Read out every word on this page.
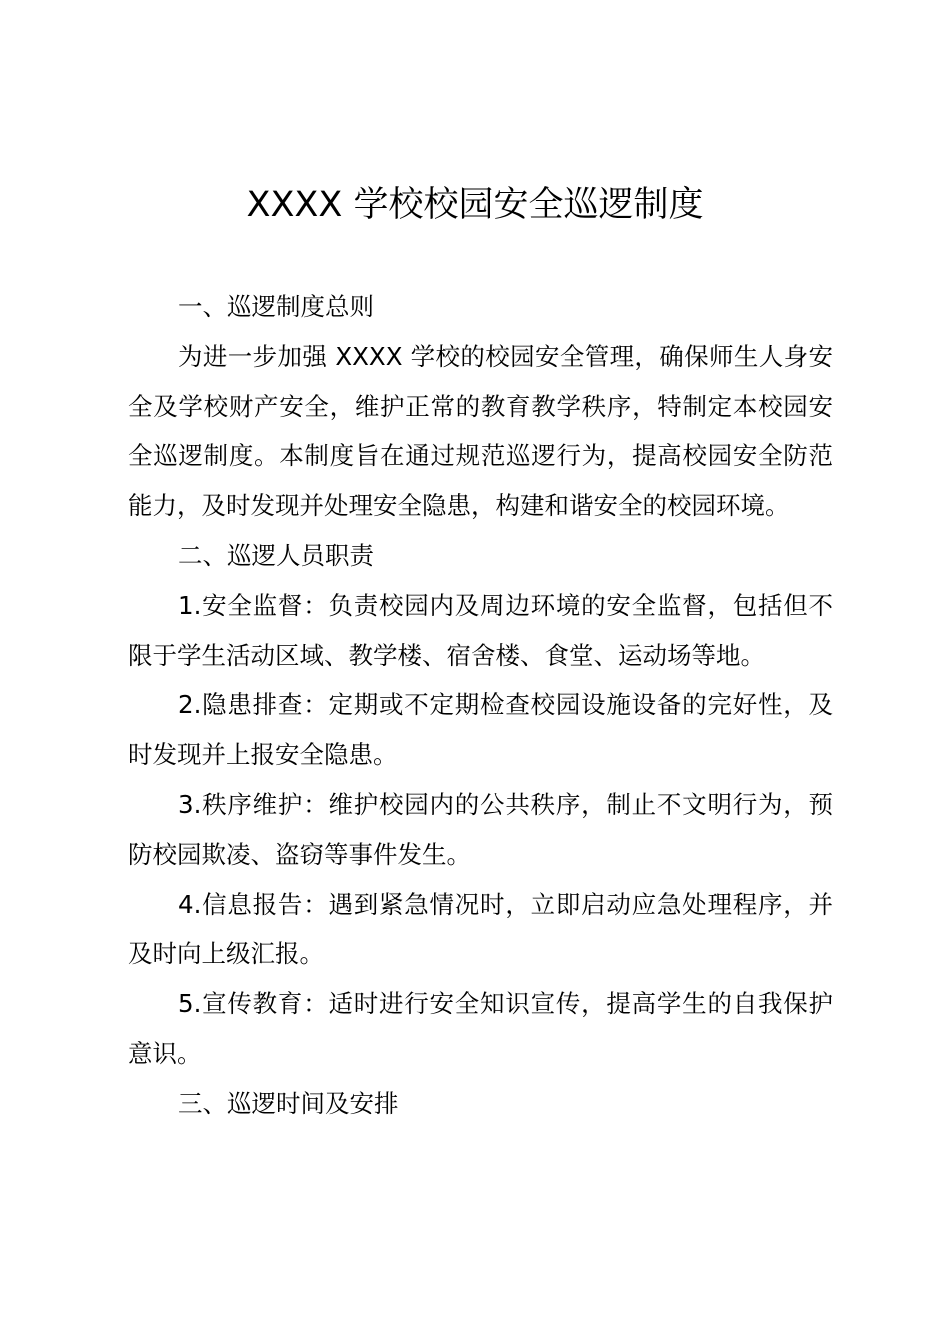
XXXX 学校校园安全巡逻制度

一、巡逻制度总则

为进一步加强 XXXX 学校的校园安全管理，确保师生人身安全及学校财产安全，维护正常的教育教学秩序，特制定本校园安全巡逻制度。本制度旨在通过规范巡逻行为，提高校园安全防范能力，及时发现并处理安全隐患，构建和谐安全的校园环境。

二、巡逻人员职责

1.安全监督：负责校园内及周边环境的安全监督，包括但不限于学生活动区域、教学楼、宿舍楼、食堂、运动场等地。

2.隐患排查：定期或不定期检查校园设施设备的完好性，及时发现并上报安全隐患。

3.秩序维护：维护校园内的公共秩序，制止不文明行为，预防校园欺凌、盗窃等事件发生。

4.信息报告：遇到紧急情况时，立即启动应急处理程序，并及时向上级汇报。

5.宣传教育：适时进行安全知识宣传，提高学生的自我保护意识。

三、巡逻时间及安排
